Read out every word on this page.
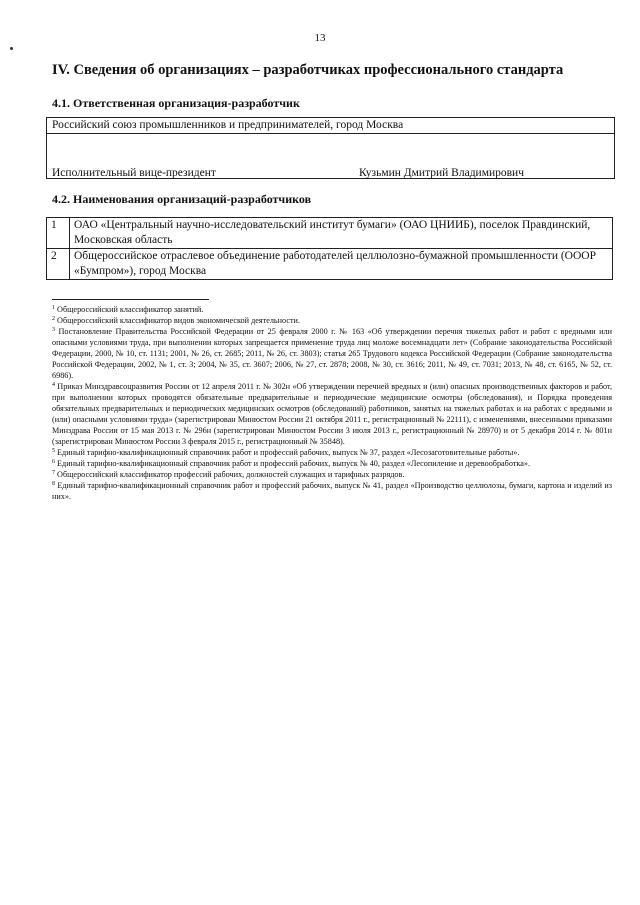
13
IV. Сведения об организациях – разработчиках профессионального стандарта
4.1. Ответственная организация-разработчик
Российский союз промышленников и предпринимателей, город Москва
Исполнительный вице-президент	Кузьмин Дмитрий Владимирович
4.2. Наименования организаций-разработчиков
1	ОАО «Центральный научно-исследовательский институт бумаги» (ОАО ЦНИИБ), поселок Правдинский, Московская область
2	Общероссийское отраслевое объединение работодателей целлюлозно-бумажной промышленности (ОООР «Бумпром»), город Москва

$^1$ Общероссийский классификатор занятий.

$^2$ Общероссийский классификатор видов экономической деятельности.

$^3$ Постановление Правительства Российской Федерации от 25 февраля 2000 г. № 163 «Об утверждении перечня тяжелых работ и работ с вредными или опасными условиями труда, при выполнении которых запрещается применение труда лиц моложе восемнадцати лет» (Собрание законодательства Российской Федерации, 2000, № 10, ст. 1131; 2001, № 26, ст. 2685; 2011, № 26, ст. 3803); статья 265 Трудового кодекса Российской Федерации (Собрание законодательства Российской Федерации, 2002, № 1, ст. 3; 2004, № 35, ст. 3607; 2006, № 27, ст. 2878; 2008, № 30, ст. 3616; 2011, № 49, ст. 7031; 2013, № 48, ст. 6165, № 52, ст. 6986).

$^4$ Приказ Минздравсоцразвития России от 12 апреля 2011 г. № 302н «Об утверждении перечней вредных и (или) опасных производственных факторов и работ, при выполнении которых проводятся обязательные предварительные и периодические медицинские осмотры (обследования), и Порядка проведения обязательных предварительных и периодических медицинских осмотров (обследований) работников, занятых на тяжелых работах и на работах с вредными и (или) опасными условиями труда» (зарегистрирован Минюстом России 21 октября 2011 г., регистрационный № 22111), с изменениями, внесенными приказами Минздрава России от 15 мая 2013 г. № 296н (зарегистрирован Минюстом России 3 июля 2013 г., регистрационный № 28970) и от 5 декабря 2014 г. № 801н (зарегистрирован Минюстом России 3 февраля 2015 г., регистрационный № 35848).

$^5$ Единый тарифно-квалификационный справочник работ и профессий рабочих, выпуск № 37, раздел «Лесозаготовительные работы».

$^6$ Единый тарифно-квалификационный справочник работ и профессий рабочих, выпуск № 40, раздел «Лесопиление и деревообработка».

$^7$ Общероссийский классификатор профессий рабочих, должностей служащих и тарифных разрядов.

$^8$ Единый тарифно-квалификационный справочник работ и профессий рабочих, выпуск № 41, раздел «Производство целлюлозы, бумаги, картона и изделий из них».
